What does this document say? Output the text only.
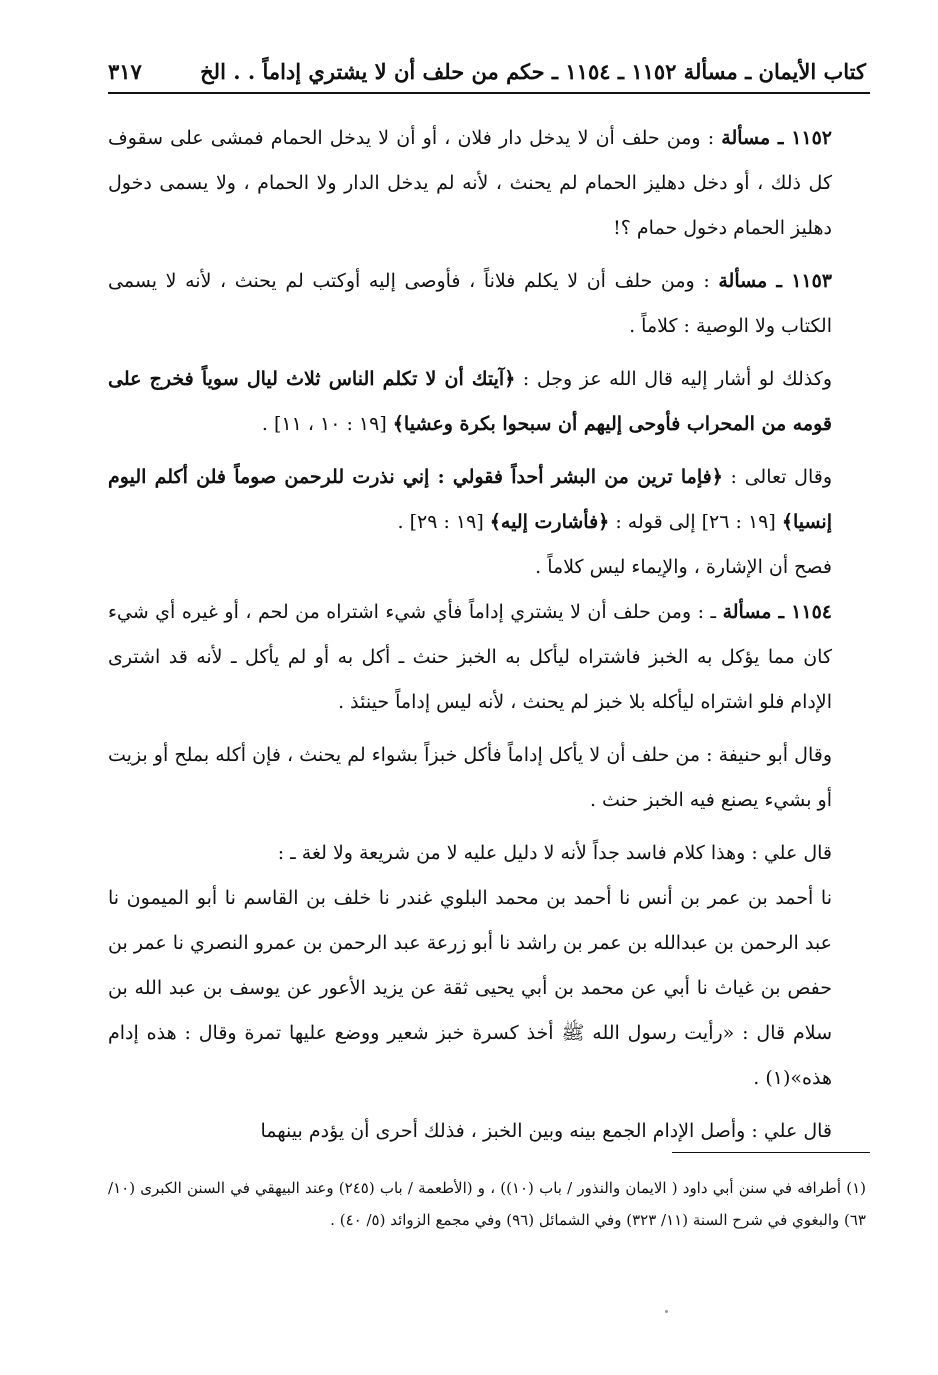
كتاب الأيمان ـ مسألة ١١٥٢ ـ ١١٥٤ ـ حكم من حلف أن لا يشتري إداماً . . الخ
٣١٧

١١٥٢ ـ مسألة : ومن حلف أن لا يدخل دار فلان ، أو أن لا يدخل الحمام فمشى على سقوف كل ذلك ، أو دخل دهليز الحمام لم يحنث ، لأنه لم يدخل الدار ولا الحمام ، ولا يسمى دخول دهليز الحمام دخول حمام ؟!

١١٥٣ ـ مسألة : ومن حلف أن لا يكلم فلاناً ، فأوصى إليه أوكتب لم يحنث ، لأنه لا يسمى الكتاب ولا الوصية : كلاماً .

وكذلك لو أشار إليه قال الله عز وجل : ﴿آيتك أن لا تكلم الناس ثلاث ليال سوياً فخرج على قومه من المحراب فأوحى إليهم أن سبحوا بكرة وعشيا﴾ [١٩ : ١٠ ، ١١] .

وقال تعالى : ﴿فإما ترين من البشر أحداً فقولي : إني نذرت للرحمن صوماً فلن أكلم اليوم إنسيا﴾ [١٩ : ٢٦] إلى قوله : ﴿فأشارت إليه﴾ [١٩ : ٢٩] .

فصح أن الإشارة ، والإيماء ليس كلاماً .

١١٥٤ ـ مسألة ـ : ومن حلف أن لا يشتري إداماً فأي شيء اشتراه من لحم ، أو غيره أي شيء كان مما يؤكل به الخبز فاشتراه ليأكل به الخبز حنث ـ أكل به أو لم يأكل ـ لأنه قد اشترى الإدام فلو اشتراه ليأكله بلا خبز لم يحنث ، لأنه ليس إداماً حينئذ .

وقال أبو حنيفة : من حلف أن لا يأكل إداماً فأكل خبزاً بشواء لم يحنث ، فإن أكله بملح أو بزيت أو بشيء يصنع فيه الخبز حنث .

قال علي : وهذا كلام فاسد جداً لأنه لا دليل عليه لا من شريعة ولا لغة ـ :

نا أحمد بن عمر بن أنس نا أحمد بن محمد البلوي غندر نا خلف بن القاسم نا أبو الميمون نا عبد الرحمن بن عبدالله بن عمر بن راشد نا أبو زرعة عبد الرحمن بن عمرو النصري نا عمر بن حفص بن غياث نا أبي عن محمد بن أبي يحيى ثقة عن يزيد الأعور عن يوسف بن عبد الله بن سلام قال : «رأيت رسول الله ﷺ أخذ كسرة خبز شعير ووضع عليها تمرة وقال : هذه إدام هذه»(١) .

قال علي : وأصل الإدام الجمع بينه وبين الخبز ، فذلك أحرى أن يؤدم بينهما

(١) أطرافه في سنن أبي داود ( الايمان والنذور / باب (١٠)) ، و (الأطعمة / باب (٢٤٥) وعند البيهقي في السنن الكبرى (١٠/ ٦٣) والبغوي في شرح السنة (١١/ ٣٢٣) وفي الشمائل (٩٦) وفي مجمع الزوائد (٥/ ٤٠) .
